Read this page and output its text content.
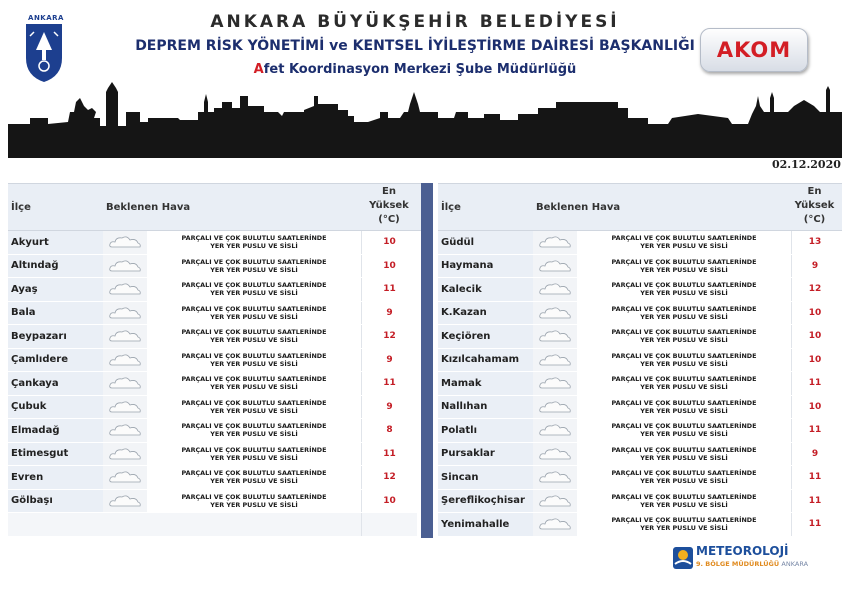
ANKARA	ANKARA BÜYÜKŞEHİR BELEDİYESİ
DEPREM RİSK YÖNETİMİ ve KENTSEL İYİLEŞTİRME DAİRESİ BAŞKANLIĞI
Afet Koordinasyon Merkezi Şube Müdürlüğü
AKOM
02.12.2020
İlçe	Beklenen Hava
En
Yüksek
(°C)
Akyurt	PARÇALI VE ÇOK BULUTLU SAATLERİNDE
YER YER PUSLU VE SİSLİ	10
Altındağ	PARÇALI VE ÇOK BULUTLU SAATLERİNDE
YER YER PUSLU VE SİSLİ	10
Ayaş	PARÇALI VE ÇOK BULUTLU SAATLERİNDE
YER YER PUSLU VE SİSLİ	11
Bala	PARÇALI VE ÇOK BULUTLU SAATLERİNDE
YER YER PUSLU VE SİSLİ	9
Beypazarı	PARÇALI VE ÇOK BULUTLU SAATLERİNDE
YER YER PUSLU VE SİSLİ	12
Çamlıdere	PARÇALI VE ÇOK BULUTLU SAATLERİNDE
YER YER PUSLU VE SİSLİ	9
Çankaya	PARÇALI VE ÇOK BULUTLU SAATLERİNDE
YER YER PUSLU VE SİSLİ	11
Çubuk	PARÇALI VE ÇOK BULUTLU SAATLERİNDE
YER YER PUSLU VE SİSLİ	9
Elmadağ	PARÇALI VE ÇOK BULUTLU SAATLERİNDE
YER YER PUSLU VE SİSLİ	8
Etimesgut	PARÇALI VE ÇOK BULUTLU SAATLERİNDE
YER YER PUSLU VE SİSLİ	11
Evren	PARÇALI VE ÇOK BULUTLU SAATLERİNDE
YER YER PUSLU VE SİSLİ	12
Gölbaşı	PARÇALI VE ÇOK BULUTLU SAATLERİNDE
YER YER PUSLU VE SİSLİ	10
İlçe	Beklenen Hava
En
Yüksek
(°C)
Güdül	PARÇALI VE ÇOK BULUTLU SAATLERİNDE
YER YER PUSLU VE SİSLİ	13
Haymana	PARÇALI VE ÇOK BULUTLU SAATLERİNDE
YER YER PUSLU VE SİSLİ	9
Kalecik	PARÇALI VE ÇOK BULUTLU SAATLERİNDE
YER YER PUSLU VE SİSLİ	12
K.Kazan	PARÇALI VE ÇOK BULUTLU SAATLERİNDE
YER YER PUSLU VE SİSLİ	10
Keçiören	PARÇALI VE ÇOK BULUTLU SAATLERİNDE
YER YER PUSLU VE SİSLİ	10
Kızılcahamam	PARÇALI VE ÇOK BULUTLU SAATLERİNDE
YER YER PUSLU VE SİSLİ	10
Mamak	PARÇALI VE ÇOK BULUTLU SAATLERİNDE
YER YER PUSLU VE SİSLİ	11
Nallıhan	PARÇALI VE ÇOK BULUTLU SAATLERİNDE
YER YER PUSLU VE SİSLİ	10
Polatlı	PARÇALI VE ÇOK BULUTLU SAATLERİNDE
YER YER PUSLU VE SİSLİ	11
Pursaklar	PARÇALI VE ÇOK BULUTLU SAATLERİNDE
YER YER PUSLU VE SİSLİ	9
Sincan	PARÇALI VE ÇOK BULUTLU SAATLERİNDE
YER YER PUSLU VE SİSLİ	11
Şereflikoçhisar	PARÇALI VE ÇOK BULUTLU SAATLERİNDE
YER YER PUSLU VE SİSLİ	11
Yenimahalle	PARÇALI VE ÇOK BULUTLU SAATLERİNDE
YER YER PUSLU VE SİSLİ	11
METEOROLOJİ
9. BÖLGE MÜDÜRLÜĞÜ ANKARA
